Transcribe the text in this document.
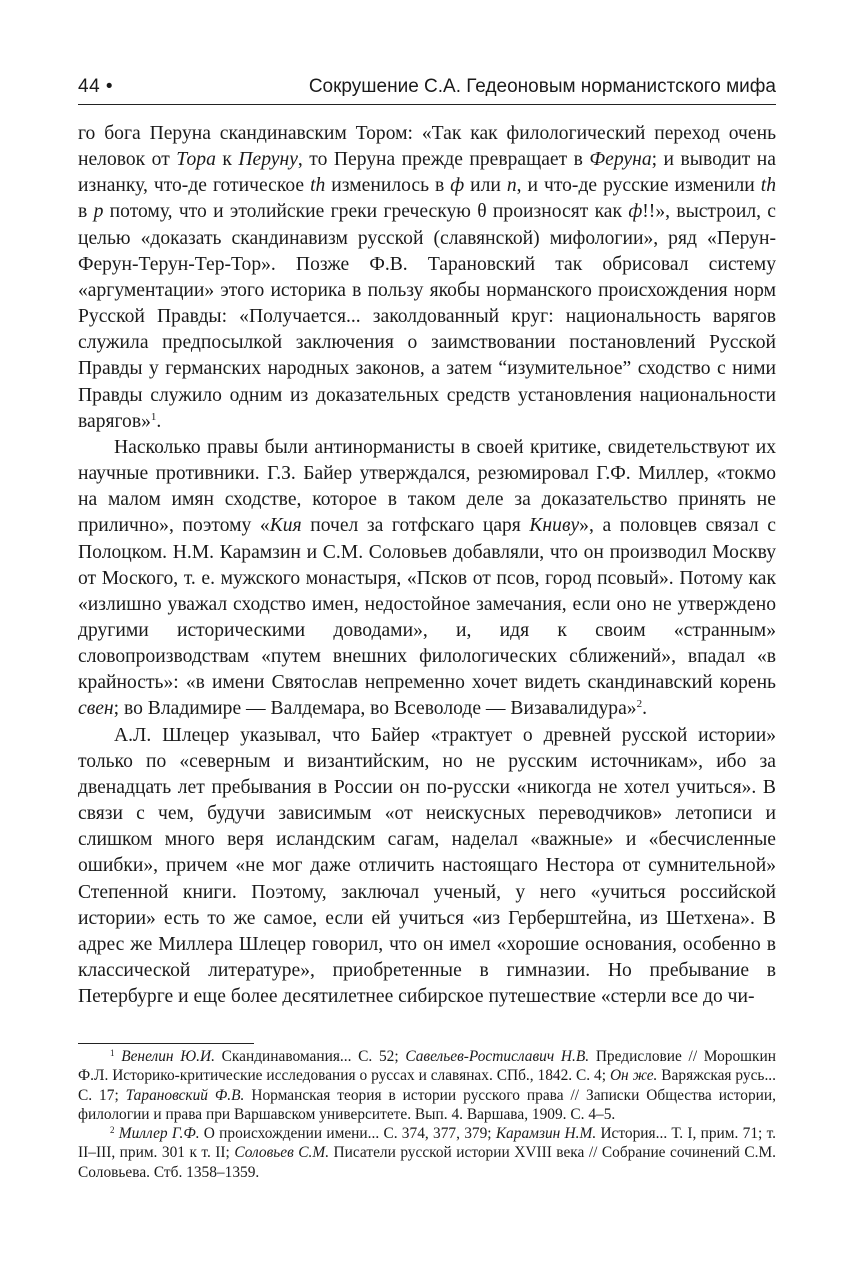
44 •	Сокрушение С.А. Гедеоновым норманистского мифа

го бога Перуна скандинавским Тором: «Так как филологический переход очень неловок от Тора к Перуну, то Перуна прежде превращает в Феруна; и выводит на изнанку, что-де готическое th изменилось в ф или п, и что-де русские изменили th в р потому, что и этолийские греки греческую θ произносят как ф!!», выстроил, с целью «доказать скандинавизм русской (славянской) мифологии», ряд «Перун-Ферун-Терун-Тер-Тор». Позже Ф.В. Тарановский так обрисовал систему «аргументации» этого историка в пользу якобы норманского происхождения норм Русской Правды: «Получается... заколдованный круг: национальность варягов служила предпосылкой заключения о заимствовании постановлений Русской Правды у германских народных законов, а затем “изумительное” сходство с ними Правды служило одним из доказательных средств установления национальности варягов»$^1$.

Насколько правы были антинорманисты в своей критике, свидетельствуют их научные противники. Г.З. Байер утверждался, резюмировал Г.Ф. Миллер, «токмо на малом имян сходстве, которое в таком деле за доказательство принять не прилично», поэтому «Кия почел за готфскаго царя Книву», а половцев связал с Полоцком. Н.М. Карамзин и С.М. Соловьев добавляли, что он производил Москву от Моского, т. е. мужского монастыря, «Псков от псов, город псовый». Потому как «излишно уважал сходство имен, недостойное замечания, если оно не утверждено другими историческими доводами», и, идя к своим «странным» словопроизводствам «путем внешних филологических сближений», впадал «в крайность»: «в имени Святослав непременно хочет видеть скандинавский корень свен; во Владимире — Валдемара, во Всеволоде — Визавалидура»$^2$.

А.Л. Шлецер указывал, что Байер «трактует о древней русской истории» только по «северным и византийским, но не русским источникам», ибо за двенадцать лет пребывания в России он по-русски «никогда не хотел учиться». В связи с чем, будучи зависимым «от неискусных переводчиков» летописи и слишком много веря исландским сагам, наделал «важные» и «бесчисленные ошибки», причем «не мог даже отличить настоящаго Нестора от сумнительной» Степенной книги. Поэтому, заключал ученый, у него «учиться российской истории» есть то же самое, если ей учиться «из Герберштейна, из Шетхена». В адрес же Миллера Шлецер говорил, что он имел «хорошие основания, особенно в классической литературе», приобретенные в гимназии. Но пребывание в Петербурге и еще более десятилетнее сибирское путешествие «стерли все до чи-

$^1$ Венелин Ю.И. Скандинавомания... С. 52; Савельев-Ростиславич Н.В. Предисловие // Морошкин Ф.Л. Историко-критические исследования о руссах и славянах. СПб., 1842. С. 4; Он же. Варяжская русь... С. 17; Тарановский Ф.В. Норманская теория в истории русского права // Записки Общества истории, филологии и права при Варшавском университете. Вып. 4. Варшава, 1909. С. 4–5.

$^2$ Миллер Г.Ф. О происхождении имени... С. 374, 377, 379; Карамзин Н.М. История... Т. I, прим. 71; т. II–III, прим. 301 к т. II; Соловьев С.М. Писатели русской истории XVIII века // Собрание сочинений С.М. Соловьева. Стб. 1358–1359.
